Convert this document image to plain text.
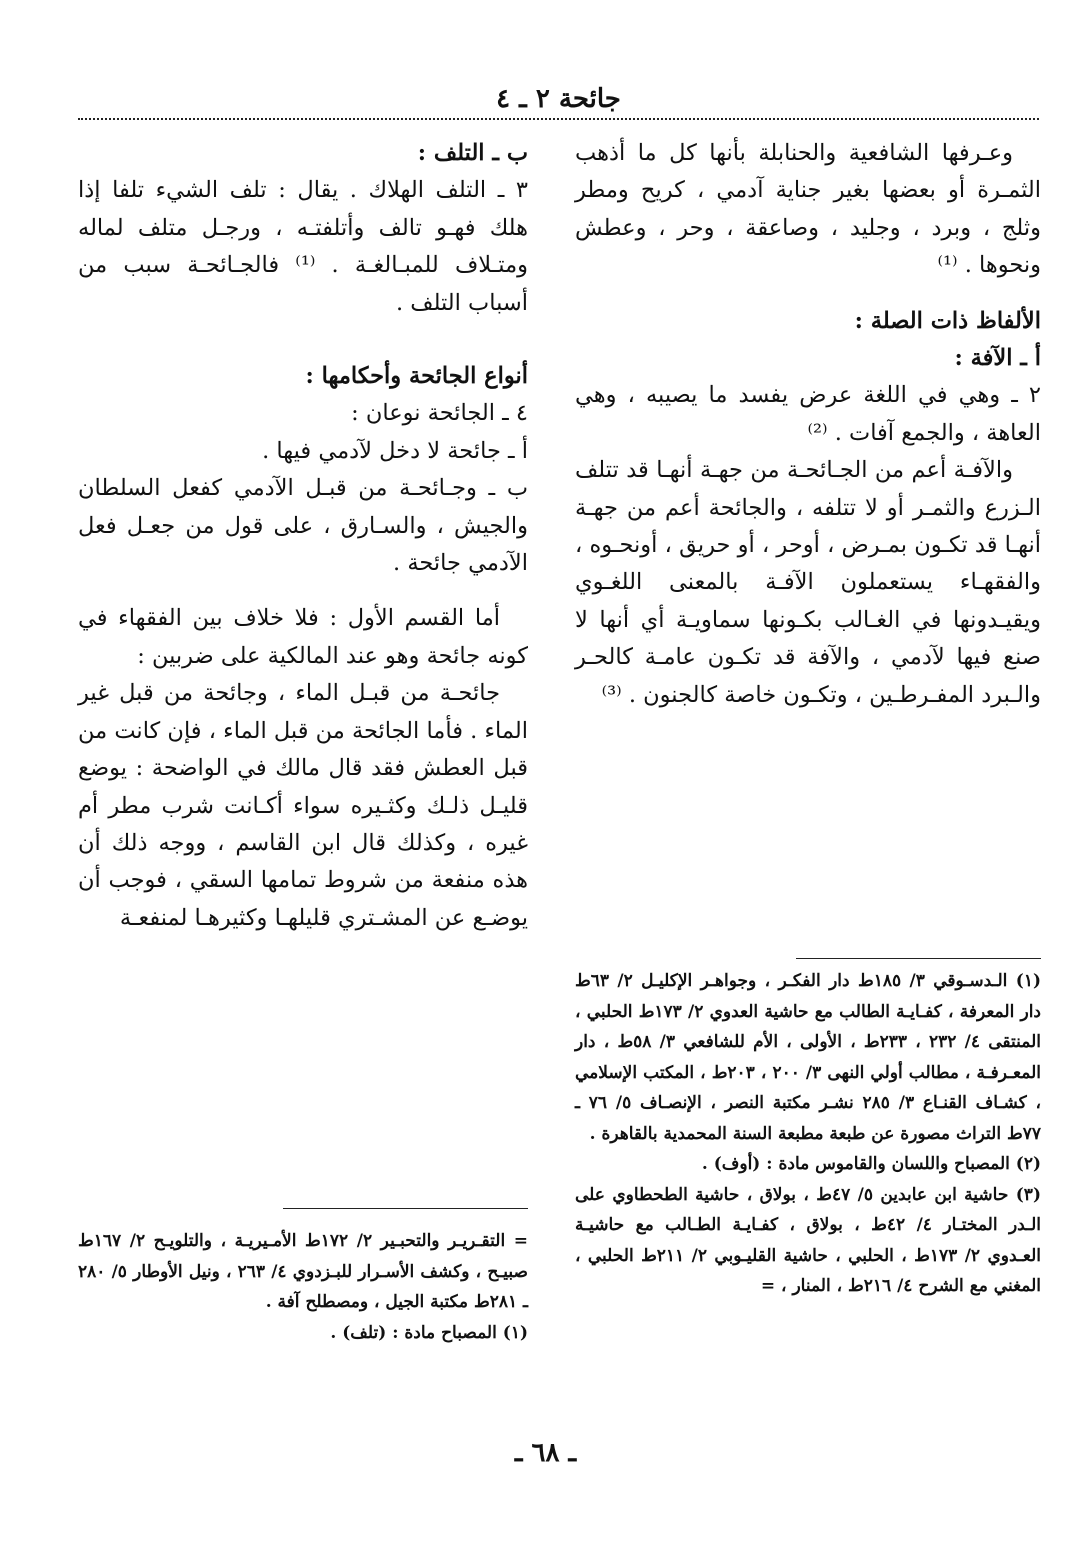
جائحة ٢ ـ ٤

وعـرفها الشافعية والحنابلة بأنها كل ما أذهب الثمـرة أو بعضها بغير جناية آدمي ، كريح ومطر وثلج ، وبرد ، وجليد ، وصاعقة ، وحر ، وعطش ونحوها . ⁽¹⁾

الألفاظ ذات الصلة :

أ ـ الآفة :

٢ ـ وهي في اللغة عرض يفسد ما يصيبه ، وهي العاهة ، والجمع آفات . ⁽²⁾

والآفـة أعم من الجـائحـة من جهـة أنهـا قد تتلف الـزرع والثمـر أو لا تتلفه ، والجائحة أعم من جهـة أنهـا قد تكـون بمـرض ، أوحر ، أو حريق ، أونحـوه ، والفقهـاء يستعملون الآفـة بالمعنى اللغـوي ويقيـدونها في الغـالب بكـونها سماويـة أي أنها لا صنع فيها لآدمي ، والآفة قد تكـون عامـة كالحـر والـبرد المفـرطـين ، وتكـون خاصة كالجنون . ⁽³⁾

(١) الـدسـوقي ٣/ ١٨٥ط دار الفكـر ، وجواهـر الإكليـل ٢/ ٦٣ط دار المعرفة ، كفـايـة الطالب مع حاشية العدوي ٢/ ١٧٣ط الحلبي ، المنتقى ٤/ ٢٣٢ ، ٢٣٣ط ، الأولى ، الأم للشافعي ٣/ ٥٨ط ، دار المعـرفـة ، مطالب أولي النهى ٣/ ٢٠٠ ، ٢٠٣ط ، المكتب الإسلامي ، كشـاف القنـاع ٣/ ٢٨٥ نشـر مكتبة النصر ، الإنصـاف ٥/ ٧٦ ـ ٧٧ط التراث مصورة عن طبعة مطبعة السنة المحمدية بالقاهرة .

(٢) المصباح واللسان والقاموس مادة : (أوف) .

(٣) حاشية ابن عابدين ٥/ ٤٧ط ، بولاق ، حاشية الطحطاوي على الـدر المختـار ٤/ ٤٢ط ، بولاق ، كفـايـة الطـالب مع حاشيـة العـدوي ٢/ ١٧٣ط ، الحلبي ، حاشية القليـوبي ٢/ ٢١١ط الحلبي ، المغني مع الشرح ٤/ ٢١٦ط ، المنار ، =

ب ـ التلف :

٣ ـ التلف الهلاك . يقال : تلف الشيء تلفا إذا هلك فهـو تالف وأتلفتـه ، ورجـل متلف لماله ومتـلاف للمبـالغـة . ⁽¹⁾ فالجـائحـة سبب من أسباب التلف .

أنواع الجائحة وأحكامها :

٤ ـ الجائحة نوعان :

أ ـ جائحة لا دخل لآدمي فيها .

ب ـ وجـائحـة من قبـل الآدمي كفعل السلطان والجيش ، والسـارق ، على قول من جعـل فعل الآدمي جائحة .

أما القسم الأول : فلا خلاف بين الفقهاء في كونه جائحة وهو عند المالكية على ضربين :

جائحـة من قبـل الماء ، وجائحة من قبل غير الماء . فأما الجائحة من قبل الماء ، فإن كانت من قبل العطش فقد قال مالك في الواضحة : يوضع قليـل ذلـك وكثـيره سواء أكـانت شرب مطر أم غيره ، وكذلك قال ابن القاسم ، ووجه ذلك أن هذه منفعة من شروط تمامها السقي ، فوجب أن يوضـع عن المشـتري قليلهـا وكثيرهـا لمنفعـة

= التقـريـر والتحبـير ٢/ ١٧٢ط الأمـيريـة ، والتلويـح ٢/ ١٦٧ط صبيـح ، وكشف الأسـرار للبـزدوي ٤/ ٢٦٣ ، ونيل الأوطار ٥/ ٢٨٠ ـ ٢٨١ط مكتبة الجيل ، ومصطلح آفة .

(١) المصباح مادة : (تلف) .

ـ ٦٨ ـ
